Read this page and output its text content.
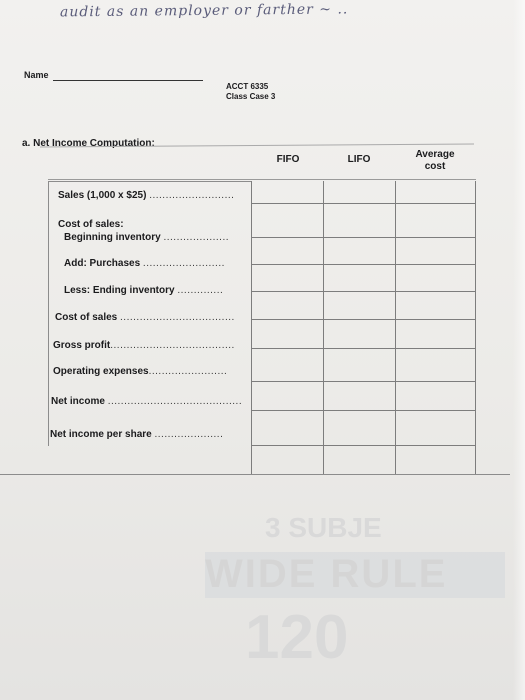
audit as an employer or farther ~ ..
Name
ACCT 6335
Class Case 3
a. Net Income Computation:
FIFO	LIFO	Average cost
Sales (1,000 x $25) ..........................
Cost of sales:
Beginning inventory ....................
Add: Purchases .........................
Less: Ending inventory ..............
Cost of sales ...................................
Gross profit......................................
Operating expenses........................
Net income .........................................
Net income per share .....................
3 SUBJE
WIDE RULE
120
